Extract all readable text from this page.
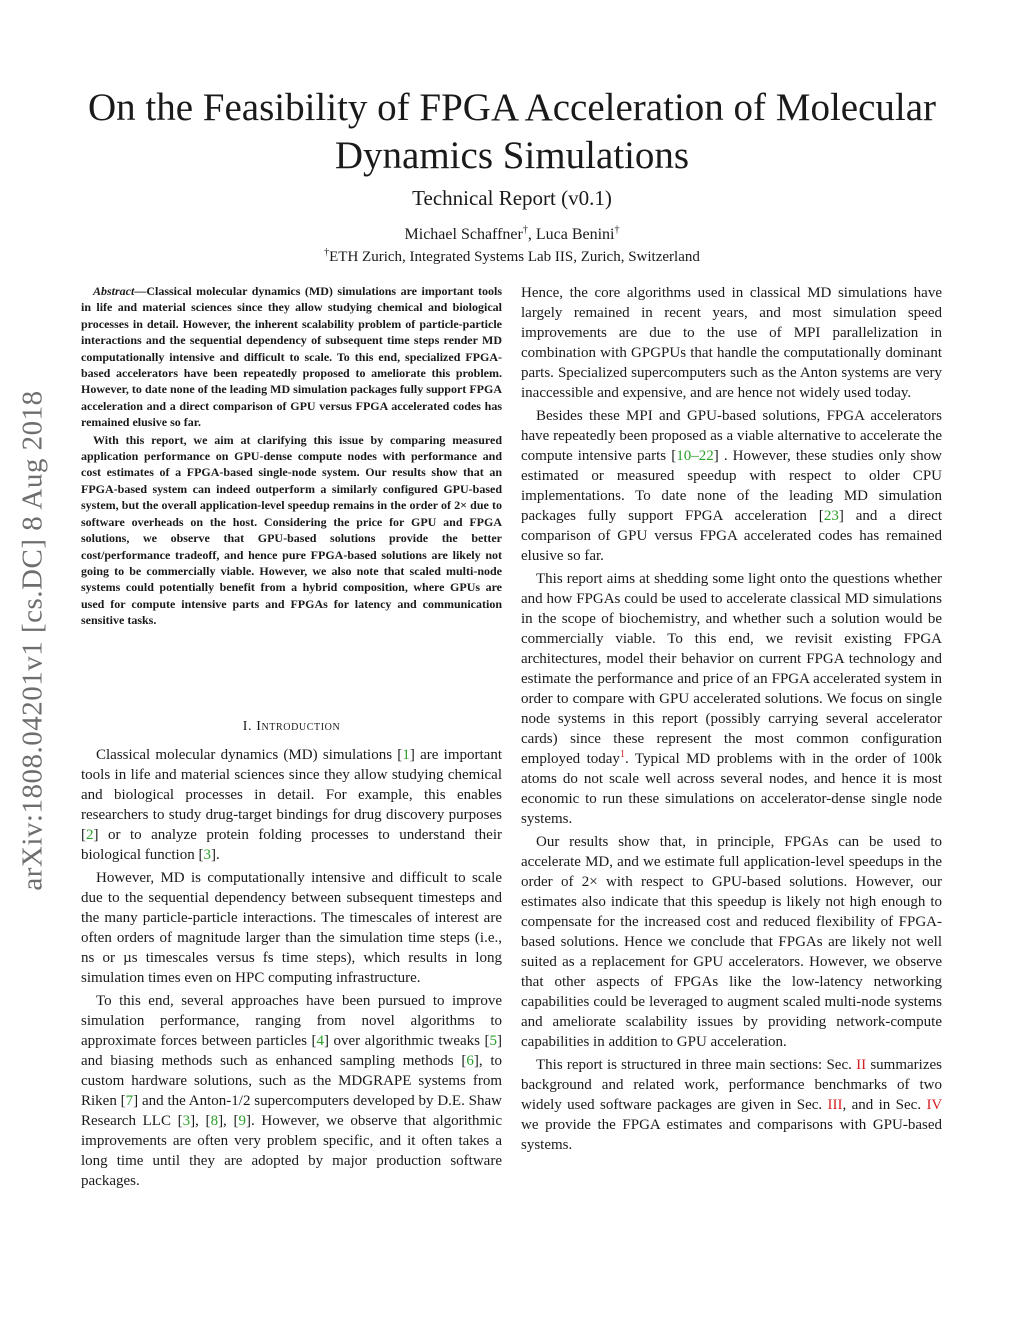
arXiv:1808.04201v1 [cs.DC] 8 Aug 2018
On the Feasibility of FPGA Acceleration of Molecular Dynamics Simulations
Technical Report (v0.1)
Michael Schaffner†, Luca Benini†
†ETH Zurich, Integrated Systems Lab IIS, Zurich, Switzerland

Abstract—Classical molecular dynamics (MD) simulations are important tools in life and material sciences since they allow studying chemical and biological processes in detail. However, the inherent scalability problem of particle-particle interactions and the sequential dependency of subsequent time steps render MD computationally intensive and difficult to scale. To this end, specialized FPGA-based accelerators have been repeatedly proposed to ameliorate this problem. However, to date none of the leading MD simulation packages fully support FPGA acceleration and a direct comparison of GPU versus FPGA accelerated codes has remained elusive so far.

With this report, we aim at clarifying this issue by comparing measured application performance on GPU-dense compute nodes with performance and cost estimates of a FPGA-based single-node system. Our results show that an FPGA-based system can indeed outperform a similarly configured GPU-based system, but the overall application-level speedup remains in the order of 2× due to software overheads on the host. Considering the price for GPU and FPGA solutions, we observe that GPU-based solutions provide the better cost/performance tradeoff, and hence pure FPGA-based solutions are likely not going to be commercially viable. However, we also note that scaled multi-node systems could potentially benefit from a hybrid composition, where GPUs are used for compute intensive parts and FPGAs for latency and communication sensitive tasks.

I. Introduction

Classical molecular dynamics (MD) simulations [1] are important tools in life and material sciences since they allow studying chemical and biological processes in detail. For example, this enables researchers to study drug-target bindings for drug discovery purposes [2] or to analyze protein folding processes to understand their biological function [3].

However, MD is computationally intensive and difficult to scale due to the sequential dependency between subsequent timesteps and the many particle-particle interactions. The timescales of interest are often orders of magnitude larger than the simulation time steps (i.e., ns or µs timescales versus fs time steps), which results in long simulation times even on HPC computing infrastructure.

To this end, several approaches have been pursued to improve simulation performance, ranging from novel algorithms to approximate forces between particles [4] over algorithmic tweaks [5] and biasing methods such as enhanced sampling methods [6], to custom hardware solutions, such as the MDGRAPE systems from Riken [7] and the Anton-1/2 supercomputers developed by D.E. Shaw Research LLC [3], [8], [9]. However, we observe that algorithmic improvements are often very problem specific, and it often takes a long time until they are adopted by major production software packages.

Hence, the core algorithms used in classical MD simulations have largely remained in recent years, and most simulation speed improvements are due to the use of MPI parallelization in combination with GPGPUs that handle the computationally dominant parts. Specialized supercomputers such as the Anton systems are very inaccessible and expensive, and are hence not widely used today.

Besides these MPI and GPU-based solutions, FPGA accelerators have repeatedly been proposed as a viable alternative to accelerate the compute intensive parts [10–22] . However, these studies only show estimated or measured speedup with respect to older CPU implementations. To date none of the leading MD simulation packages fully support FPGA acceleration [23] and a direct comparison of GPU versus FPGA accelerated codes has remained elusive so far.

This report aims at shedding some light onto the questions whether and how FPGAs could be used to accelerate classical MD simulations in the scope of biochemistry, and whether such a solution would be commercially viable. To this end, we revisit existing FPGA architectures, model their behavior on current FPGA technology and estimate the performance and price of an FPGA accelerated system in order to compare with GPU accelerated solutions. We focus on single node systems in this report (possibly carrying several accelerator cards) since these represent the most common configuration employed today$^1$. Typical MD problems with in the order of 100k atoms do not scale well across several nodes, and hence it is most economic to run these simulations on accelerator-dense single node systems.

Our results show that, in principle, FPGAs can be used to accelerate MD, and we estimate full application-level speedups in the order of 2× with respect to GPU-based solutions. However, our estimates also indicate that this speedup is likely not high enough to compensate for the increased cost and reduced flexibility of FPGA-based solutions. Hence we conclude that FPGAs are likely not well suited as a replacement for GPU accelerators. However, we observe that other aspects of FPGAs like the low-latency networking capabilities could be leveraged to augment scaled multi-node systems and ameliorate scalability issues by providing network-compute capabilities in addition to GPU acceleration.

This report is structured in three main sections: Sec. II summarizes background and related work, performance benchmarks of two widely used software packages are given in Sec. III, and in Sec. IV we provide the FPGA estimates and comparisons with GPU-based systems.
